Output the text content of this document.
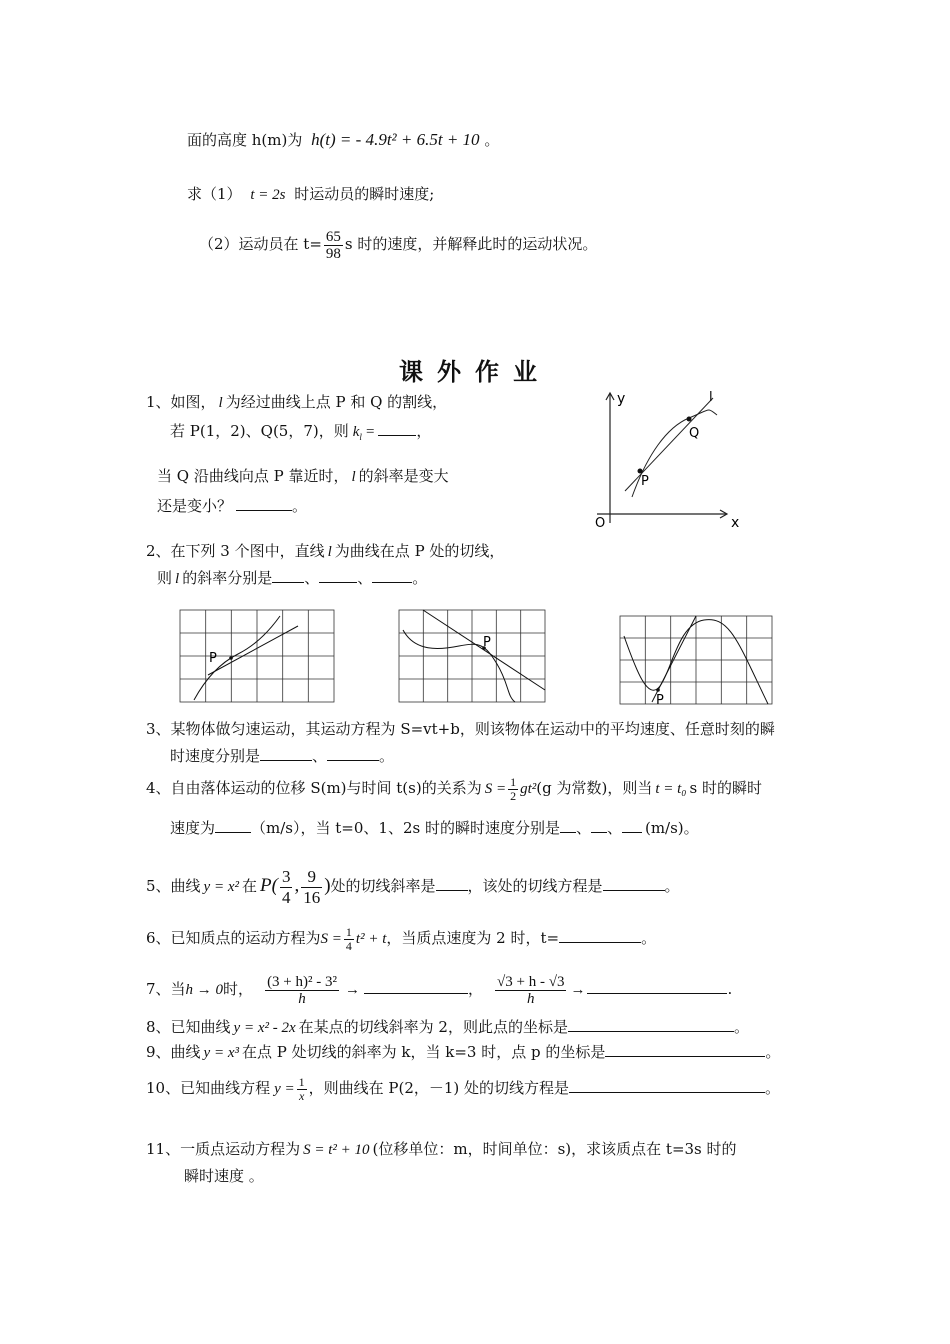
面的高度 h(m)为 h(t) = - 4.9t² + 6.5t + 10 。
求（1） t = 2s 时运动员的瞬时速度;
（2）运动员在 $t= \frac{65}{98}$ s 时的速度，并解释此时的运动状况。
课外作业
1、如图， l 为经过曲线上点 P 和 Q 的割线，
若 P(1，2)、Q(5，7)，则 $k_l$ =	，
当 Q 沿曲线向点 P 靠近时， l 的斜率是变大
还是变小？	。
y
x
O
P
Q
l
2、在下列 3 个图中，直线 l 为曲线在点 P 处的切线，
则 l 的斜率分别是 、	、	。
P
P
P
3、某物体做匀速运动，其运动方程为 S=vt+b，则该物体在运动中的平均速度、任意时刻的瞬
时速度分别是	、	。
4、自由落体运动的位移 S(m)与时间 t(s)的关系为 $S = \frac{1}{2} gt^2(g$ 为常数)，则当 t = t₀ s 时的瞬时
速度为 （m/s），当 t=0、1、2s 时的瞬时速度分别是 、 、 (m/s)。
5、曲线 y = x² 在 $P( \frac{3}{4}$ , $\frac{9}{16}$ )处的切线斜率是 ，该处的切线方程是	。
6、已知质点的运动方程为$S = \frac{1}{4} t^2 + t$，当质点速度为 2 时，t=	。
7、当h → 0时， $\frac{\text{(3 + h)² - 3²}}{h}$ →	， $\frac{√3 + h - √3}{h}$ →	.
8、已知曲线 y = x² - 2x 在某点的切线斜率为 2，则此点的坐标是	。
9、曲线 y = x³ 在点 P 处切线的斜率为 k，当 k=3 时，点 p 的坐标是	。
10、已知曲线方程 $y = \frac{1}{x}$ ，则曲线在 P(2，－1) 处的切线方程是	。
11、一质点运动方程为 S = t² + 10 (位移单位：m，时间单位：s)，求该质点在 t=3s 时的
瞬时速度 。
